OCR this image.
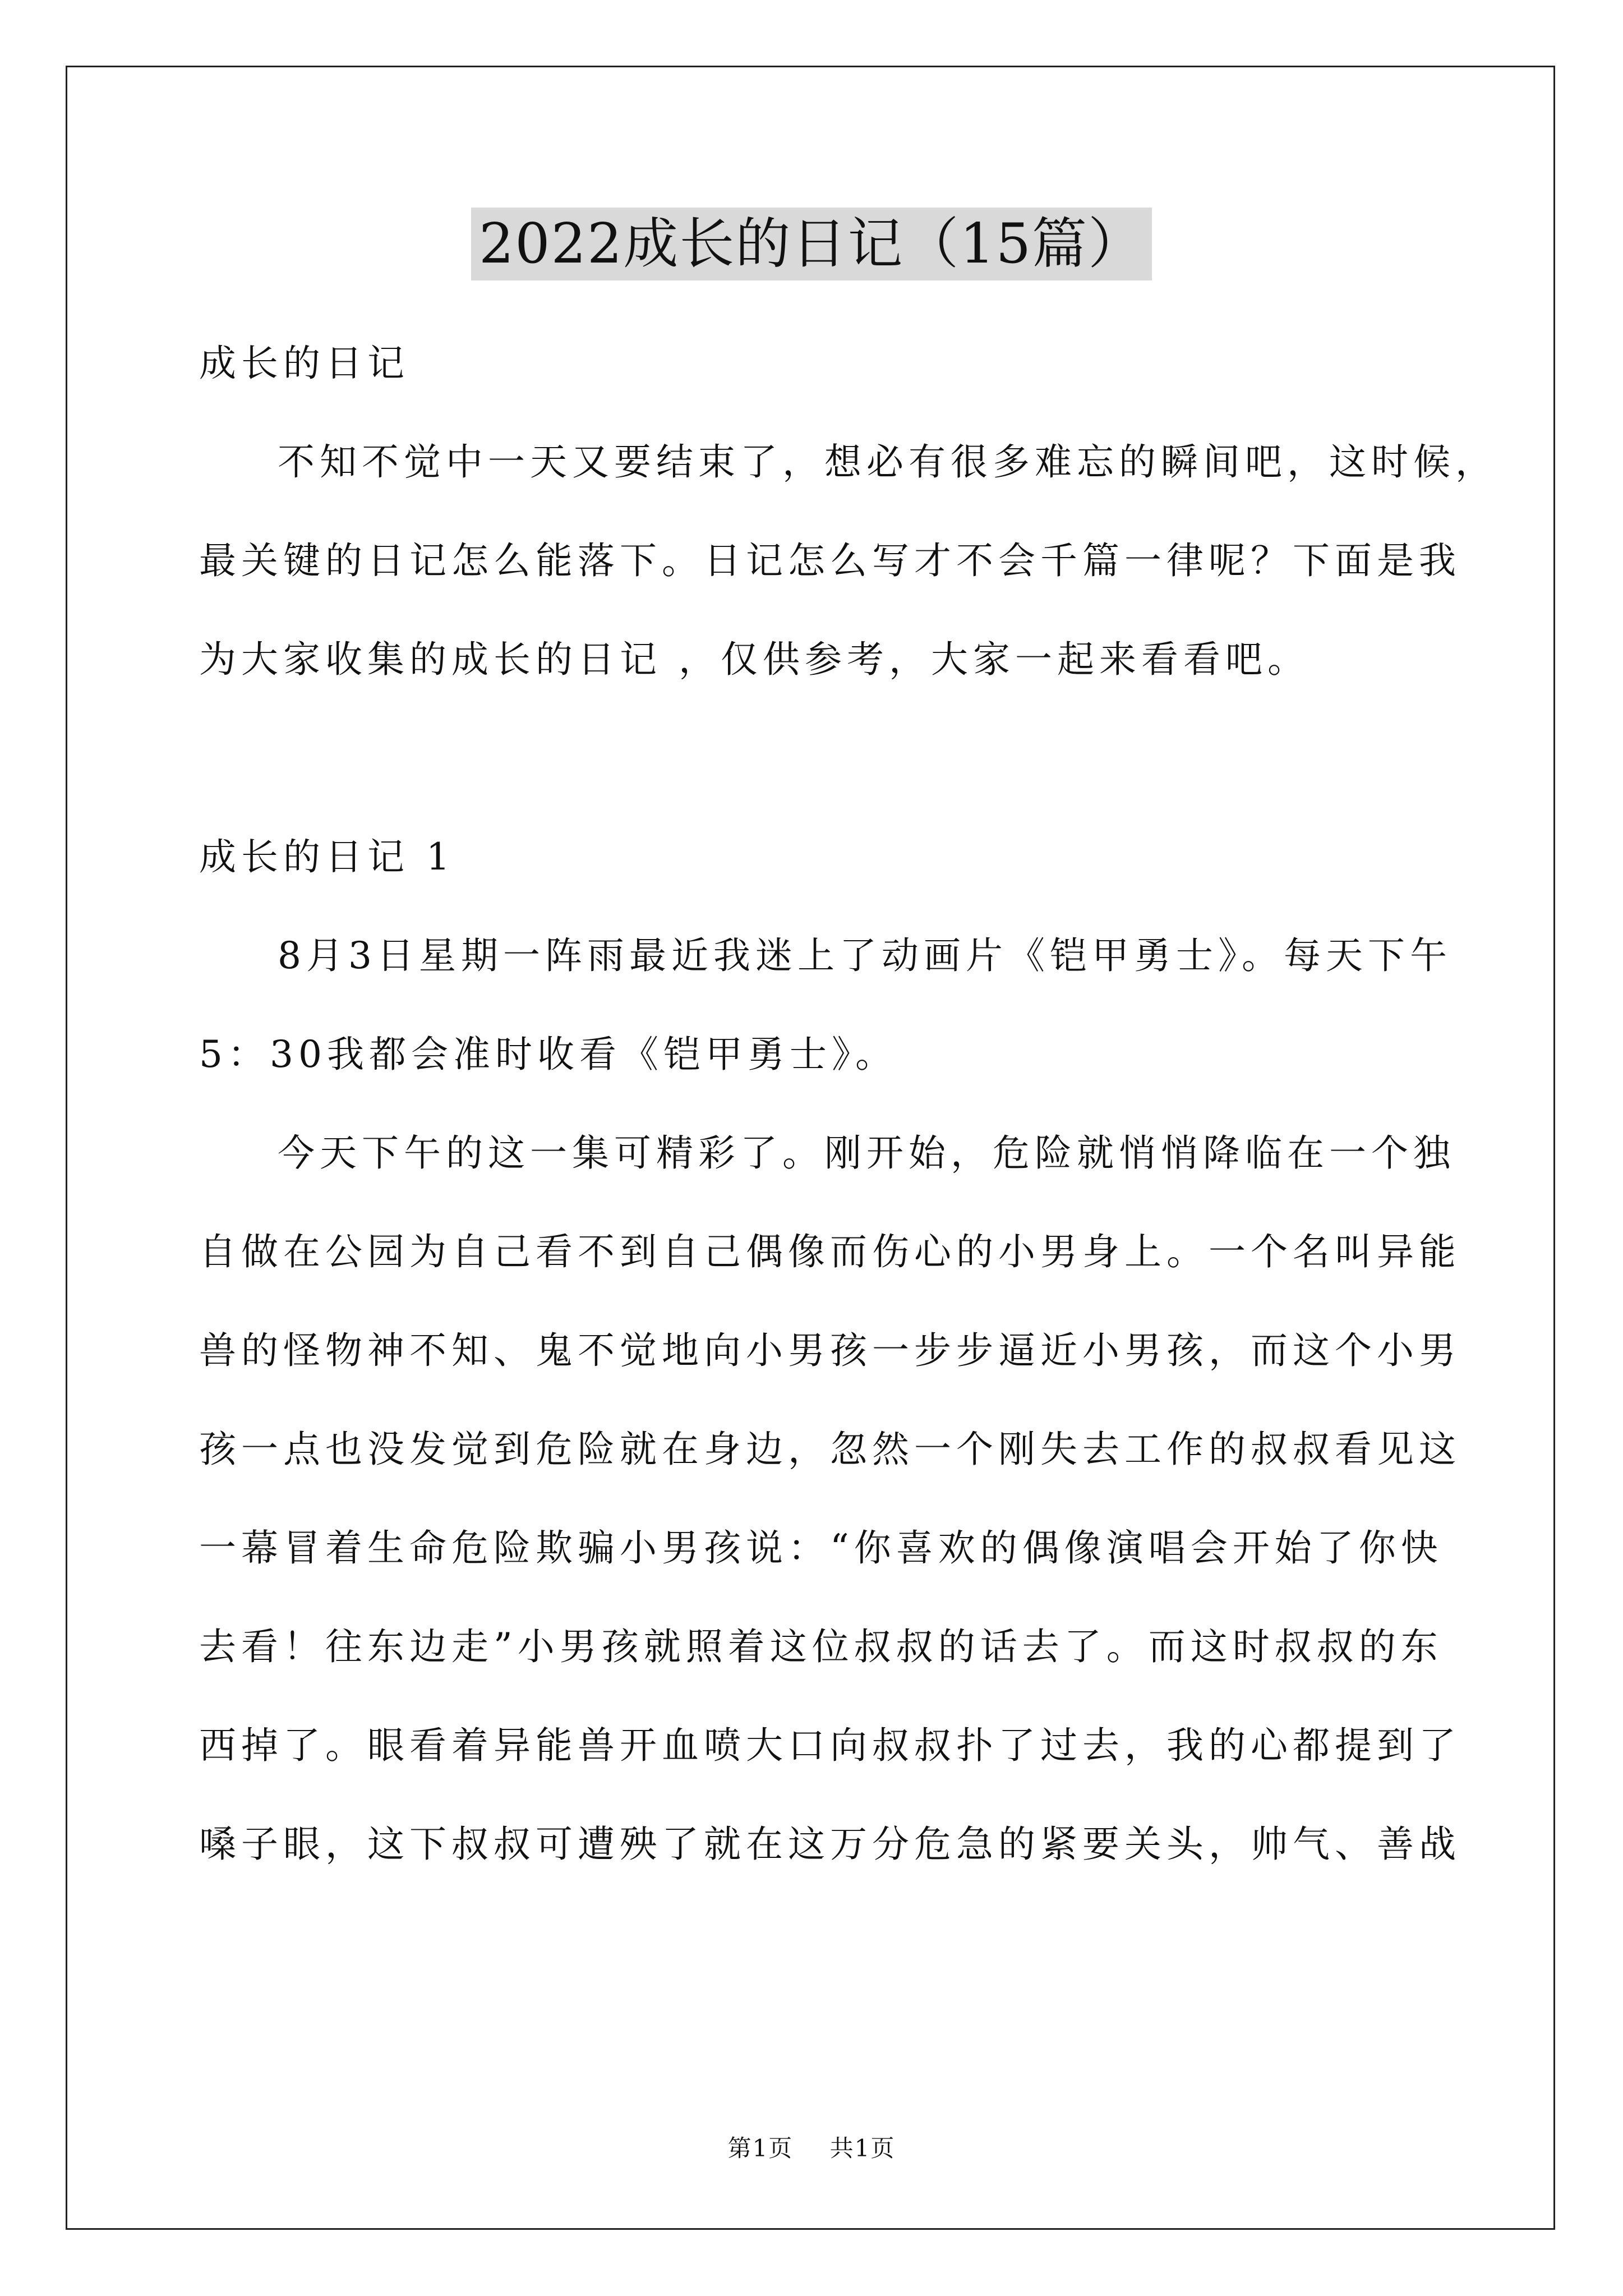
2022成长的日记（15篇）
成长的日记
不知不觉中一天又要结束了，想必有很多难忘的瞬间吧，这时候，
最关键的日记怎么能落下。日记怎么写才不会千篇一律呢？下面是我
为大家收集的成长的日记 ，仅供参考，大家一起来看看吧。
成长的日记 1
8月3日星期一阵雨最近我迷上了动画片《铠甲勇士》。每天下午
5：30我都会准时收看《铠甲勇士》。
今天下午的这一集可精彩了。刚开始，危险就悄悄降临在一个独
自做在公园为自己看不到自己偶像而伤心的小男身上。一个名叫异能
兽的怪物神不知、鬼不觉地向小男孩一步步逼近小男孩，而这个小男
孩一点也没发觉到危险就在身边，忽然一个刚失去工作的叔叔看见这
一幕冒着生命危险欺骗小男孩说：“你喜欢的偶像演唱会开始了你快
去看！往东边走”小男孩就照着这位叔叔的话去了。而这时叔叔的东
西掉了。眼看着异能兽开血喷大口向叔叔扑了过去，我的心都提到了
嗓子眼，这下叔叔可遭殃了就在这万分危急的紧要关头，帅气、善战
第1页 共1页
